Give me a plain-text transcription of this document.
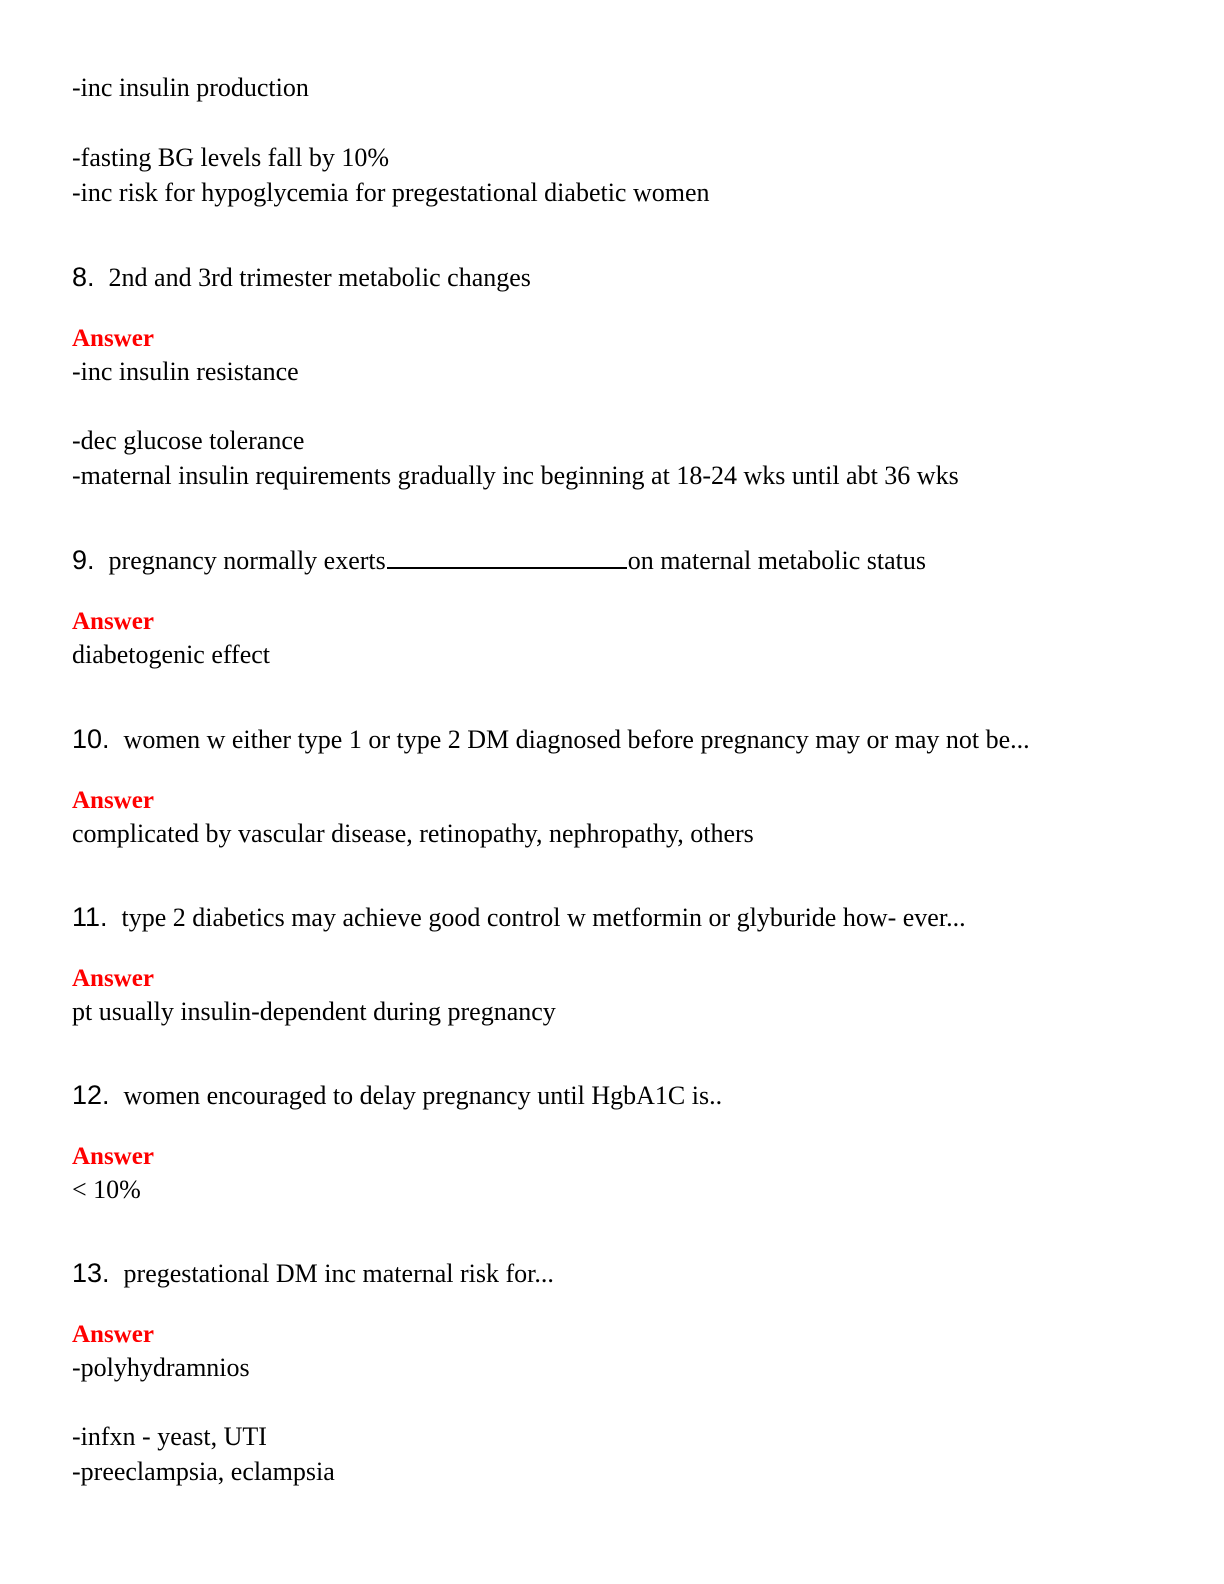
-inc insulin production
-fasting BG levels fall by 10%
-inc risk for hypoglycemia for pregestational diabetic women
8. 2nd and 3rd trimester metabolic changes
Answer
-inc insulin resistance
-dec glucose tolerance
-maternal insulin requirements gradually inc beginning at 18-24 wks until abt 36 wks
9. pregnancy normally exerts	on maternal metabolic status
Answer
diabetogenic effect
10. women w either type 1 or type 2 DM diagnosed before pregnancy may or may not be...
Answer
complicated by vascular disease, retinopathy, nephropathy, others
11. type 2 diabetics may achieve good control w metformin or glyburide how- ever...
Answer
pt usually insulin-dependent during pregnancy
12. women encouraged to delay pregnancy until HgbA1C is..
Answer
< 10%
13. pregestational DM inc maternal risk for...
Answer
-polyhydramnios
-infxn - yeast, UTI
-preeclampsia, eclampsia
